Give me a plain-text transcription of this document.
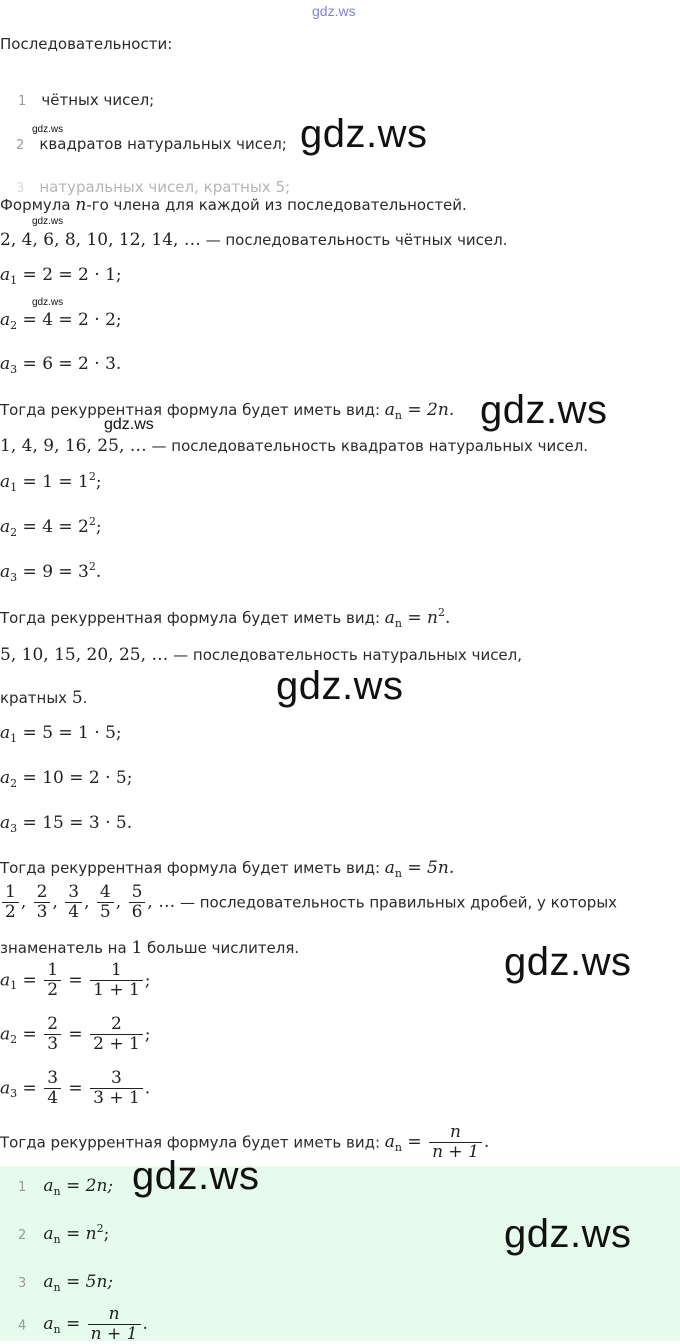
gdz.ws
Последовательности:
1 чётных чисел;
gdz.ws
2 квадратов натуральных чисел; gdz.ws
3 натуральных чисел, кратных 5;
Формула n-го члена для каждой из последовательностей.
gdz.ws
2, 4, 6, 8, 10, 12, 14, … — последовательность чётных чисел.
$a_1 = 2 = 2 \cdot 1$;
gdz.ws
$a_2 = 4 = 2 \cdot 2$;
$a_3 = 6 = 2 \cdot 3$.
Тогда рекуррентная формула будет иметь вид: $a_n = 2n$. gdz.ws
gdz.ws
1, 4, 9, 16, 25, … — последовательность квадратов натуральных чисел.
$a_1 = 1 = 1^2$;
$a_2 = 4 = 2^2$;
$a_3 = 9 = 3^2$.
Тогда рекуррентная формула будет иметь вид: $a_n = n^2$.
5, 10, 15, 20, 25, … — последовательность натуральных чисел,
gdz.ws
кратных 5.
$a_1 = 5 = 1 \cdot 5$;
$a_2 = 10 = 2 \cdot 5$;
$a_3 = 15 = 3 \cdot 5$.
Тогда рекуррентная формула будет иметь вид: $a_n = 5n$.
$\frac{1}{2}$ , $\frac{2}{3}$ , $\frac{3}{4}$ , $\frac{4}{5}$ , $\frac{5}{6}$ , … — последовательность правильных дробей, у которых
знаменатель на 1 больше числителя.	gdz.ws
$a_1 = \frac{1}{2} = \frac{1}{1 + 1}$ ;
$a_2 = \frac{2}{3} = \frac{2}{2 + 1}$ ;
$a_3 = \frac{3}{4} = \frac{3}{3 + 1}$ .
Тогда рекуррентная формула будет иметь вид: $a_n = \frac{n}{n + 1}$ .
1 $a_n = 2n$;
2 $a_n = n^2$;
3 $a_n = 5n$;
4 $a_n = \frac{n}{n + 1}$ .
gdz.ws
gdz.ws
